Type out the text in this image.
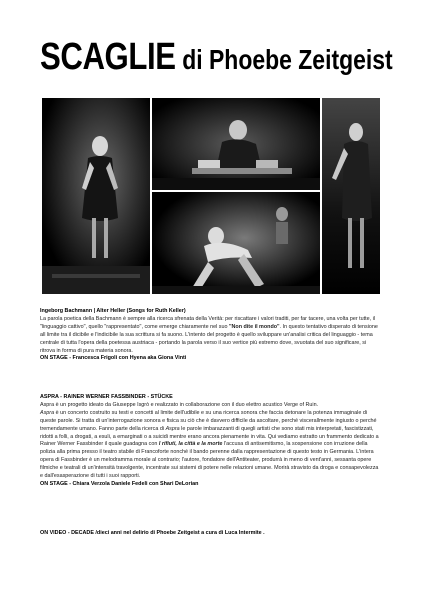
SCAGLIE di Phoebe Zeitgeist

Ingeborg Bachmann | Alter Heller (Songs for Ruth Keller)

La parola poetica della Bachmann è sempre alla ricerca sfrenata della Verità: per riscattare i valori traditi, per far tacere, una volta per tutte, il "linguaggio cattivo", quello "rappresentato", come emerge chiaramente nel suo "Non dite il mondo". In questo tentativo disperato di tensione all limite tra il dicibile e l'indicibile la sua scrittura si fa suono. L'intento del progetto è quello sviluppare un'analisi critica del linguaggio - tema centrale di tutta l'opera della poetessa austriaca - portando la parola verso il suo vertice più estremo dove, svuotata del suo significare, si ritrova in forma di pura materia sonora.

ON STAGE - Francesca Frigoli con Hyena aka Giona Vinti

ASPRA - RAINER WERNER FASSBINDER - STÜCKE

Aspra è un progetto ideato da Giuseppe Isgrò e realizzato in collaborazione con il duo elettro acustico Verge of Ruin.

Aspra è un concerto costruito su testi e concetti al limite dell'udibile e su una ricerca sonora che faccia detonare la potenza immaginale di queste parole. Si tratta di un'interrogazione sonora e fisica su ciò che è davvero difficile da ascoltare, perché viscerallmente ingiusto o perché tremendamente umano. Fanno parte della ricerca di Aspra le parole imbarazzanti di quegli artisti che sono stati mis interpretati, fascistizzati, ridotti a folli, a drogati, a esuli, a emarginati o a suicidi mentre erano ancora pienamente in vita. Qui vediamo estratto un frammento dedicato a Rainer Werner Fassbinder il quale guadagna con I rifiuti, la città e la morte l'accusa di antisemitismo, la sospensione con irruzione della polizia alla prima presso il teatro stabile di Francoforte nonché il bando perenne dalla rappresentazione di questo testo in Germania. L'intera opera di Fassbinder è un melodramma morale al contrario; l'autore, fondatore dell'Antiteater, produrrà in meno di vent'anni, sessanta opere filmiche e teatrali di un'intensità travolgente, incentrate sui sistemi di potere nelle relazioni umane. Morirà stravisto da droga e consapevolezza e dall'esasperazione di tutti i suoi rapporti.

ON STAGE - Chiara Verzola Daniele Fedeli con Shari DeLorian

ON VIDEO - DECADE /dieci anni nel delirio di Phoebe Zeitgeist a cura di Luca Intermite .
